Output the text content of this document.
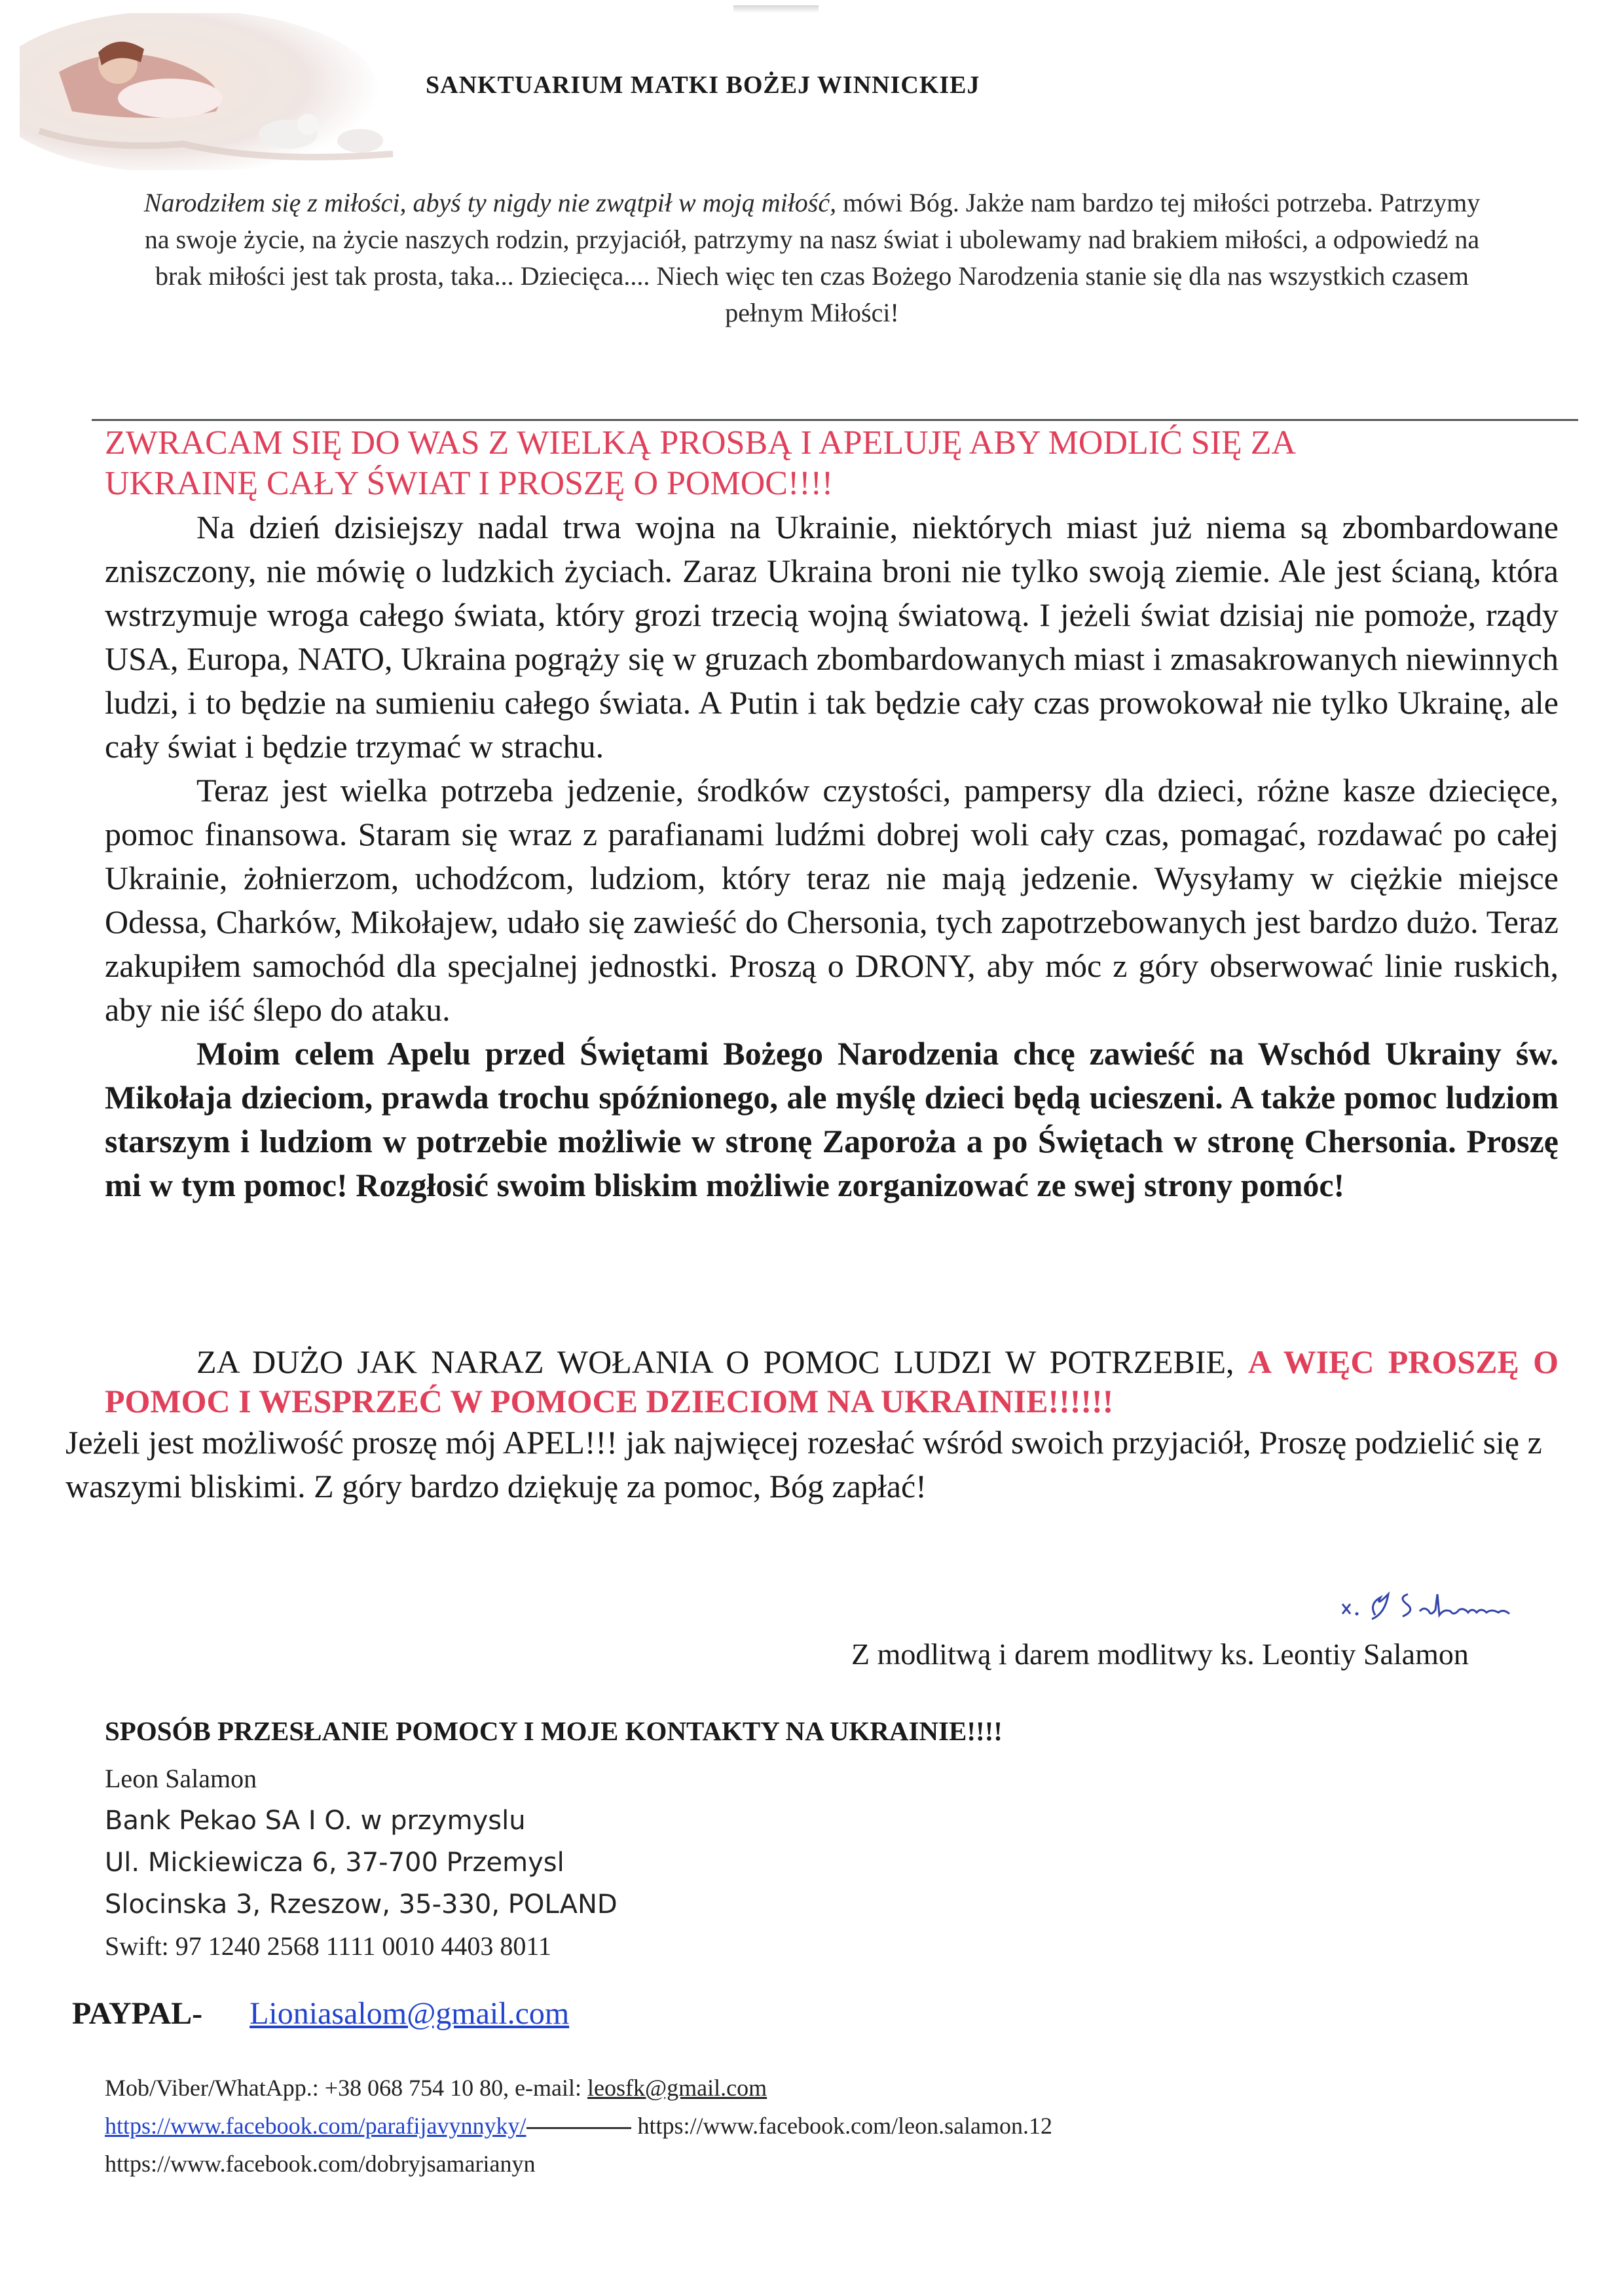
SANKTUARIUM MATKI BOŻEJ WINNICKIEJ

Narodziłem się z miłości, abyś ty nigdy nie zwątpił w moją miłość, mówi Bóg. Jakże nam bardzo tej miłości potrzeba. Patrzymy na swoje życie, na życie naszych rodzin, przyjaciół, patrzymy na nasz świat i ubolewamy nad brakiem miłości, a odpowiedź na brak miłości jest tak prosta, taka... Dziecięca.... Niech więc ten czas Bożego Narodzenia stanie się dla nas wszystkich czasem pełnym Miłości!

ZWRACAM SIĘ DO WAS Z WIELKĄ PROSBĄ I APELUJĘ ABY MODLIĆ SIĘ ZA

UKRAINĘ CAŁY ŚWIAT I PROSZĘ O POMOC!!!!

Na dzień dzisiejszy nadal trwa wojna na Ukrainie, niektórych miast już niema są zbombardowane zniszczony, nie mówię o ludzkich życiach. Zaraz Ukraina broni nie tylko swoją ziemie. Ale jest ścianą, która wstrzymuje wroga całego świata, który grozi trzecią wojną światową. I jeżeli świat dzisiaj nie pomoże, rządy USA, Europa, NATO, Ukraina pogrąży się w gruzach zbombardowanych miast i zmasakrowanych niewinnych ludzi, i to będzie na sumieniu całego świata. A Putin i tak będzie cały czas prowokował nie tylko Ukrainę, ale cały świat i będzie trzymać w strachu.

Teraz jest wielka potrzeba jedzenie, środków czystości, pampersy dla dzieci, różne kasze dziecięce, pomoc finansowa. Staram się wraz z parafianami ludźmi dobrej woli cały czas, pomagać, rozdawać po całej Ukrainie, żołnierzom, uchodźcom, ludziom, który teraz nie mają jedzenie. Wysyłamy w ciężkie miejsce Odessa, Charków, Mikołajew, udało się zawieść do Chersonia, tych zapotrzebowanych jest bardzo dużo. Teraz zakupiłem samochód dla specjalnej jednostki. Proszą o DRONY, aby móc z góry obserwować linie ruskich, aby nie iść ślepo do ataku.

Moim celem Apelu przed Świętami Bożego Narodzenia chcę zawieść na Wschód Ukrainy św. Mikołaja dzieciom, prawda trochu spóźnionego, ale myślę dzieci będą ucieszeni. A także pomoc ludziom starszym i ludziom w potrzebie możliwie w stronę Zaporoża a po Świętach w stronę Chersonia. Proszę mi w tym pomoc! Rozgłosić swoim bliskim możliwie zorganizować ze swej strony pomóc!

ZA DUŻO JAK NARAZ WOŁANIA O POMOC LUDZI W POTRZEBIE, A WIĘC PROSZĘ O POMOC I WESPRZEĆ W POMOCE DZIECIOM NA UKRAINIE!!!!!!

Jeżeli jest możliwość proszę mój APEL!!! jak najwięcej rozesłać wśród swoich przyjaciół, Proszę podzielić się z waszymi bliskimi. Z góry bardzo dziękuję za pomoc, Bóg zapłać!

Z modlitwą i darem modlitwy ks. Leontiy Salamon
SPOSÓB PRZESŁANIE POMOCY I MOJE KONTAKTY NA UKRAINIE!!!!
Leon Salamon
Bank Pekao SA I O. w przymyslu
Ul. Mickiewicza 6, 37-700 Przemysl
Slocinska 3, Rzeszow, 35-330, POLAND
Swift: 97 1240 2568 1111 0010 4403 8011
PAYPAL- Lioniasalom@gmail.com
Mob/Viber/WhatApp.: +38 068 754 10 80, e-mail: leosfk@gmail.com
https://www.facebook.com/parafijavynnyky/	https://www.facebook.com/leon.salamon.12
https://www.facebook.com/dobryjsamarianyn
